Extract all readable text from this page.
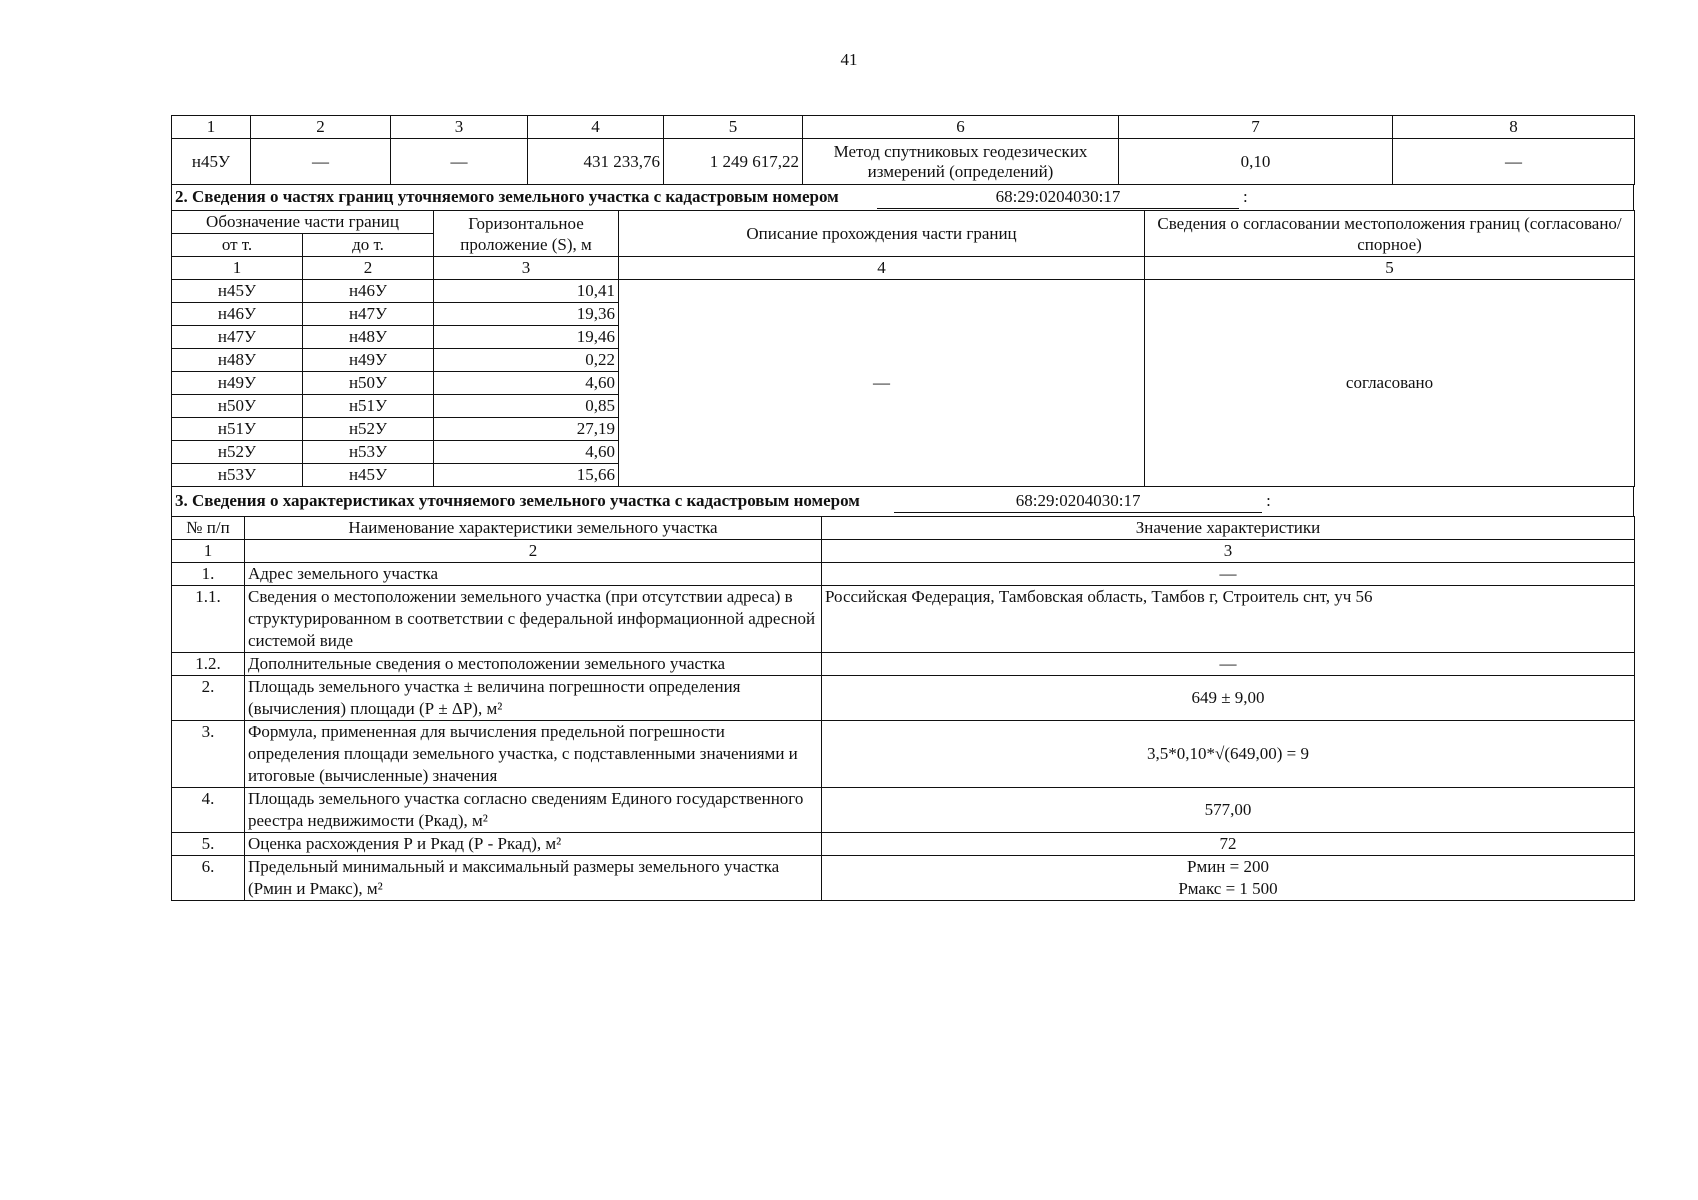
41
1	2	3	4	5	6	7	8
н45У	—	—	431 233,76	1 249 617,22	Метод спутниковых геодезических измерений (определений)	0,10	—
2. Сведения о частях границ уточняемого земельного участка с кадастровым номером	68:29:0204030:17	:
Обозначение части границ		Горизонтальное проложение (S), м	Описание прохождения части границ	Сведения о согласовании местоположения границ (согласовано/спорное)
от т.	до т.			
1	2	3	4	5
н45У	н46У	10,41	—	согласовано
н46У	н47У	19,36		
н47У	н48У	19,46		
н48У	н49У	0,22		
н49У	н50У	4,60		
н50У	н51У	0,85		
н51У	н52У	27,19		
н52У	н53У	4,60		
н53У	н45У	15,66		
3. Сведения о характеристиках уточняемого земельного участка с кадастровым номером	68:29:0204030:17	:
№ п/п	Наименование характеристики земельного участка	Значение характеристики
1	2	3
1.	Адрес земельного участка	—
1.1.	Сведения о местоположении земельного участка (при отсутствии адреса) в структурированном в соответствии с федеральной информационной адресной системой виде	Российская Федерация, Тамбовская область, Тамбов г, Строитель снт, уч 56
1.2.	Дополнительные сведения о местоположении земельного участка	—
2.	Площадь земельного участка ± величина погрешности определения (вычисления) площади (Р ± ΔР), м²	649 ± 9,00
3.	Формула, примененная для вычисления предельной погрешности определения площади земельного участка, с подставленными значениями и итоговые (вычисленные) значения	3,5*0,10*√(649,00) = 9
4.	Площадь земельного участка согласно сведениям Единого государственного реестра недвижимости (Ркад), м²	577,00
5.	Оценка расхождения Р и Ркад (Р - Ркад), м²	72
6.	Предельный минимальный и максимальный размеры земельного участка (Рмин и Рмакс), м²	Рмин = 200
Рмакс = 1 500
